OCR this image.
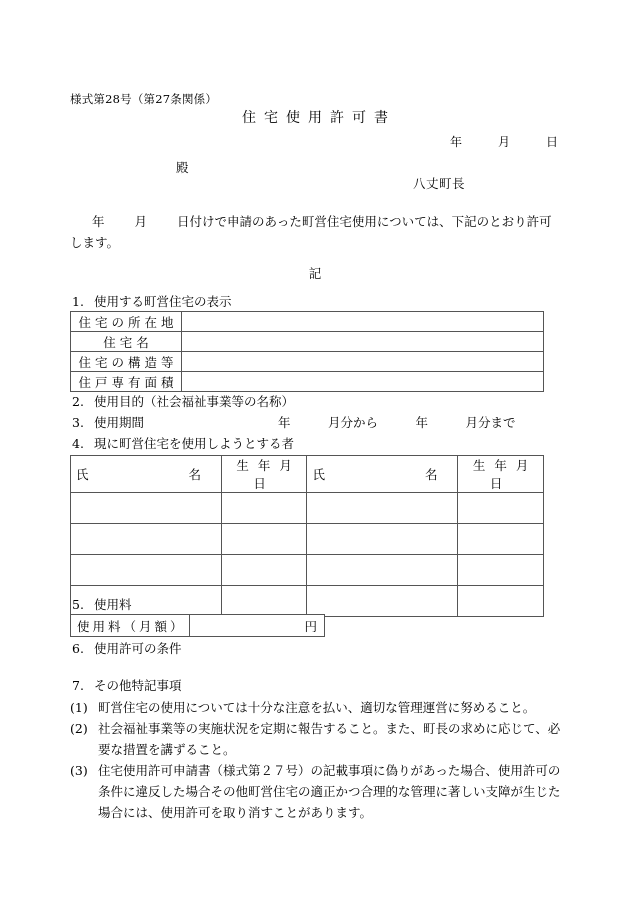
様式第28号（第27条関係）
住宅使用許可書
年　　　月　　　日
殿
八丈町長
年 月 日付けで申請のあった町営住宅使用については、下記のとおり許可します。
記
1. 使用する町営住宅の表示
住宅の所在地	
住宅名	
住宅の構造等	
住戸専有面積	
2. 使用目的（社会福祉事業等の名称）
3. 使用期間	年　　　月分から　　　年　　　月分まで
4. 現に町営住宅を使用しようとする者
氏 名	生年月日	氏 名	生年月日

5. 使用料
使用料（月額）	円
6. 使用許可の条件
7. その他特記事項
(1) 町営住宅の使用については十分な注意を払い、適切な管理運営に努めること。
(2) 社会福祉事業等の実施状況を定期に報告すること。また、町長の求めに応じて、必要な措置を講ずること。
(3) 住宅使用許可申請書（様式第２７号）の記載事項に偽りがあった場合、使用許可の条件に違反した場合その他町営住宅の適正かつ合理的な管理に著しい支障が生じた場合には、使用許可を取り消すことがあります。
